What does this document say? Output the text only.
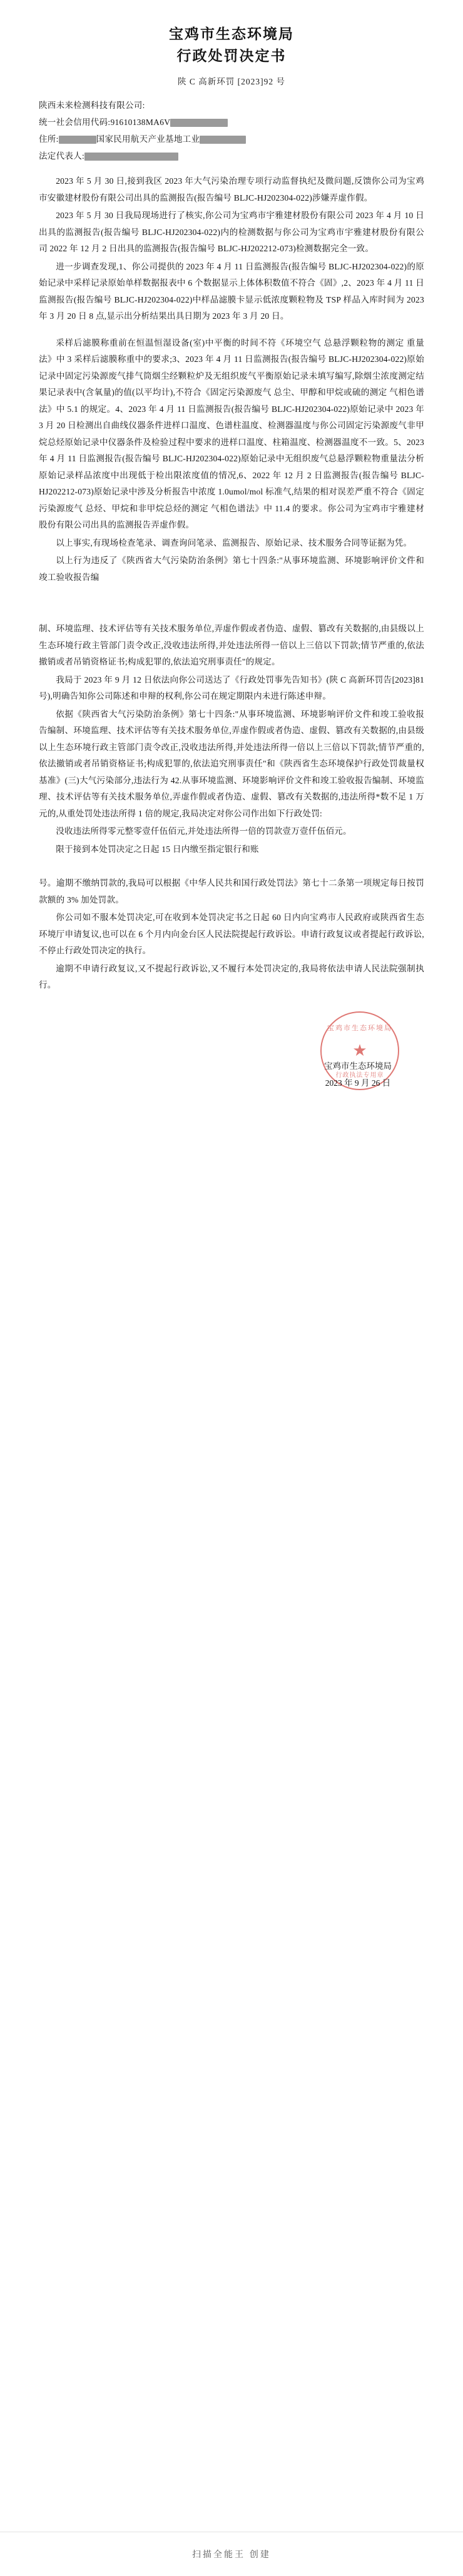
宝鸡市生态环境局
行政处罚决定书
陕 C 高新环罚 [2023]92 号
陕西未来检测科技有限公司:
统一社会信用代码:91610138MA6V
住所:	国家民用航天产业基地工业
法定代表人:

2023 年 5 月 30 日,接到我区 2023 年大气污染治理专项行动监督执纪及微问题,反馈你公司为宝鸡市安徽建材股份有限公司出具的监测报告(报告编号 BLJC-HJ202304-022)涉嫌弄虚作假。

2023 年 5 月 30 日我局现场进行了核实,你公司为宝鸡市宇雅建材股份有限公司 2023 年 4 月 10 日出具的监测报告(报告编号 BLJC-HJ202304-022)内的检测数据与你公司为宝鸡市宇雅建材股份有限公司 2022 年 12 月 2 日出具的监测报告(报告编号 BLJC-HJ202212-073)检测数据完全一致。

进一步调查发现,1、你公司提供的 2023 年 4 月 11 日监测报告(报告编号 BLJC-HJ202304-022)的原始记录中采样记录原始单样数据报表中 6 个数据显示上体体积数值不符合《固》,2、2023 年 4 月 11 日监测报告(报告编号 BLJC-HJ202304-022)中样品滤膜卡显示低浓度颗粒物及 TSP 样品入库时间为 2023 年 3 月 20 日 8 点,显示出分析结果出具日期为 2023 年 3 月 20 日。

采样后滤膜称重前在恒温恒湿设备(室)中平衡的时间不符《环境空气 总悬浮颗粒物的测定 重量法》中 3 采样后滤膜称重中的要求;3、2023 年 4 月 11 日监测报告(报告编号 BLJC-HJ202304-022)原始记录中固定污染源废气排气筒烟尘经颗粒炉及无组织废气平衡原始记录未填写编写,除烟尘浓度测定结果记录表中(含氧量)的值(以平均计),不符合《固定污染源废气 总尘、甲醇和甲烷或硫的测定 气相色谱法》中 5.1 的规定。4、2023 年 4 月 11 日监测报告(报告编号 BLJC-HJ202304-022)原始记录中 2023 年 3 月 20 日检测出自曲线仪器条件进样口温度、色谱柱温度、检测器温度与你公司固定污染源废气非甲烷总烃原始记录中仪器条件及检验过程中要求的进样口温度、柱箱温度、检测器温度不一致。5、2023 年 4 月 11 日监测报告(报告编号 BLJC-HJ202304-022)原始记录中无组织废气总悬浮颗粒物重量法分析原始记录样品浓度中出现低于检出限浓度值的情况,6、2022 年 12 月 2 日监测报告(报告编号 BLJC-HJ202212-073)原始记录中涉及分析报告中浓度 1.0umol/mol 标准气,结果的相对误差严重不符合《固定污染源废气 总烃、甲烷和非甲烷总烃的测定 气相色谱法》中 11.4 的要求。你公司为宝鸡市宇雅建材股份有限公司出具的监测报告弄虚作假。

以上事实,有现场检查笔录、调查询问笔录、监测报告、原始记录、技术服务合同等证据为凭。

以上行为违反了《陕西省大气污染防治条例》第七十四条:"从事环境监测、环境影响评价文件和竣工验收报告编

制、环境监理、技术评估等有关技术服务单位,弄虚作假或者伪造、虚假、篡改有关数据的,由县级以上生态环境行政主管部门责令改正,没收违法所得,并处违法所得一倍以上三倍以下罚款;情节严重的,依法撤销或者吊销资格证书;构成犯罪的,依法追究刑事责任"的规定。

我局于 2023 年 9 月 12 日依法向你公司送达了《行政处罚事先告知书》(陕 C 高新环罚告[2023]81 号),明确告知你公司陈述和申辩的权利,你公司在规定期限内未进行陈述申辩。

依据《陕西省大气污染防治条例》第七十四条:"从事环境监测、环境影响评价文件和竣工验收报告编制、环境监理、技术评估等有关技术服务单位,弄虚作假或者伪造、虚假、篡改有关数据的,由县级以上生态环境行政主管部门责令改正,没收违法所得,并处违法所得一倍以上三倍以下罚款;情节严重的,依法撤销或者吊销资格证书;构成犯罪的,依法追究刑事责任"和《陕西省生态环境保护行政处罚裁量权基准》(三)大气污染部分,违法行为 42.从事环境监测、环境影响评价文件和竣工验收报告编制、环境监理、技术评估等有关技术服务单位,弄虚作假或者伪造、虚假、篡改有关数据的,违法所得*数不足 1 万元的,从重处罚处违法所得 1 倍的规定,我局决定对你公司作出如下行政处罚:

没收违法所得零元整零壹仟伍佰元,并处违法所得一倍的罚款壹万壹仟伍佰元。

限于接到本处罚决定之日起 15 日内缴至指定银行和账

号。逾期不缴纳罚款的,我局可以根据《中华人民共和国行政处罚法》第七十二条第一项规定每日按罚款额的 3% 加处罚款。

你公司如不服本处罚决定,可在收到本处罚决定书之日起 60 日内向宝鸡市人民政府或陕西省生态环境厅申请复议,也可以在 6 个月内向金台区人民法院提起行政诉讼。申请行政复议或者提起行政诉讼,不停止行政处罚决定的执行。

逾期不申请行政复议,又不提起行政诉讼,又不履行本处罚决定的,我局将依法申请人民法院强制执行。

宝鸡市生态环境局
★
行政执法专用章
宝鸡市生态环境局
2023 年 9 月 26 日
扫描全能王 创建
